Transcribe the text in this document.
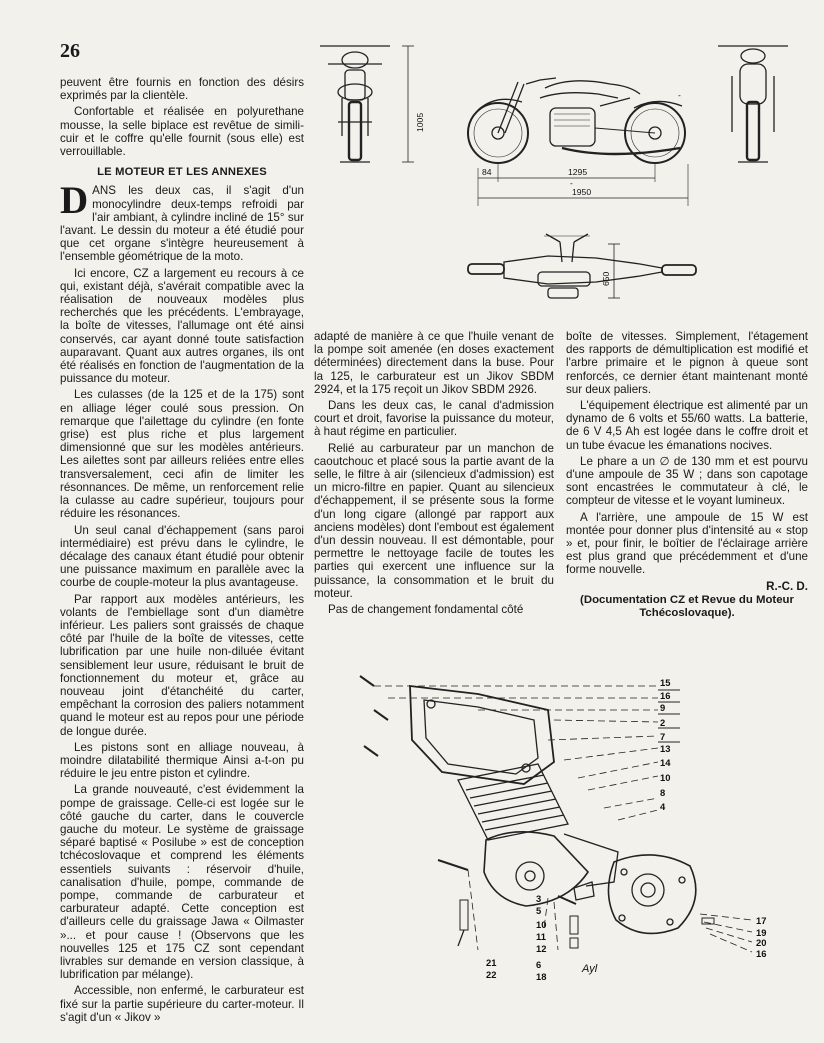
26

peuvent être fournis en fonction des désirs exprimés par la clientèle.

Confortable et réalisée en polyurethane mousse, la selle biplace est revêtue de simili-cuir et le coffre qu'elle fournit (sous elle) est verrouillable.

LE MOTEUR ET LES ANNEXES

DANS les deux cas, il s'agit d'un monocylindre deux-temps refroidi par l'air ambiant, à cylindre incliné de 15° sur l'avant. Le dessin du moteur a été étudié pour que cet organe s'intègre heureusement à l'ensemble géométrique de la moto.

Ici encore, CZ a largement eu recours à ce qui, existant déjà, s'avérait compatible avec la réalisation de nouveaux modèles plus recherchés que les précédents. L'embrayage, la boîte de vitesses, l'allumage ont été ainsi conservés, car ayant donné toute satisfaction auparavant. Quant aux autres organes, ils ont été réalisés en fonction de l'augmentation de la puissance du moteur.

Les culasses (de la 125 et de la 175) sont en alliage léger coulé sous pression. On remarque que l'ailettage du cylindre (en fonte grise) est plus riche et plus largement dimensionné que sur les modèles antérieurs. Les ailettes sont par ailleurs reliées entre elles transversalement, ceci afin de limiter les résonnances. De même, un renforcement relie la culasse au cadre supérieur, toujours pour réduire les résonances.

Un seul canal d'échappement (sans paroi intermédiaire) est prévu dans le cylindre, le décalage des canaux étant étudié pour obtenir une puissance maximum en parallèle avec la courbe de couple-moteur la plus avantageuse.

Par rapport aux modèles antérieurs, les volants de l'embiellage sont d'un diamètre inférieur. Les paliers sont graissés de chaque côté par l'huile de la boîte de vitesses, cette lubrification par une huile non-diluée évitant sensiblement leur usure, réduisant le bruit de fonctionnement du moteur et, grâce au nouveau joint d'étanchéité du carter, empêchant la corrosion des paliers notamment quand le moteur est au repos pour une période de longue durée.

Les pistons sont en alliage nouveau, à moindre dilatabilité thermique Ainsi a-t-on pu réduire le jeu entre piston et cylindre.

La grande nouveauté, c'est évidemment la pompe de graissage. Celle-ci est logée sur le côté gauche du carter, dans le couvercle gauche du moteur. Le système de graissage séparé baptisé « Posilube » est de conception tchécoslovaque et comprend les éléments essentiels suivants : réservoir d'huile, canalisation d'huile, pompe, commande de pompe, commande de carburateur et carburateur adapté. Cette conception est d'ailleurs celle du graissage Jawa « Oilmaster »... et pour cause ! (Observons que les nouvelles 125 et 175 CZ sont cependant livrables sur demande en version classique, à lubrification par mélange).

Accessible, non enfermé, le carburateur est fixé sur la partie supérieure du carter-moteur. Il s'agit d'un « Jikov »

adapté de manière à ce que l'huile venant de la pompe soit amenée (en doses exactement déterminées) directement dans la buse. Pour la 125, le carburateur est un Jikov SBDM 2924, et la 175 reçoit un Jikov SBDM 2926.

Dans les deux cas, le canal d'admission court et droit, favorise la puissance du moteur, à haut régime en particulier.

Relié au carburateur par un manchon de caoutchouc et placé sous la partie avant de la selle, le filtre à air (silencieux d'admission) est un micro-filtre en papier. Quant au silencieux d'échappement, il se présente sous la forme d'un long cigare (allongé par rapport aux anciens modèles) dont l'embout est également d'un dessin nouveau. Il est démontable, pour permettre le nettoyage facile de toutes les parties qui exercent une influence sur la puissance, la consommation et le bruit du moteur.

Pas de changement fondamental côté

boîte de vitesses. Simplement, l'étagement des rapports de démultiplication est modifié et l'arbre primaire et le pignon à queue sont renforcés, ce dernier étant maintenant monté sur deux paliers.

L'équipement électrique est alimenté par un dynamo de 6 volts et 55/60 watts. La batterie, de 6 V 4,5 Ah est logée dans le coffre droit et un tube évacue les émanations nocives.

Le phare a un ∅ de 130 mm et est pourvu d'une ampoule de 35 W ; dans son capotage sont encastrées le commutateur à clé, le compteur de vitesse et le voyant lumineux.

A l'arrière, une ampoule de 15 W est montée pour donner plus d'intensité au « stop » et, pour finir, le boîtier de l'éclairage arrière est plus grand que précédemment et d'une forme nouvelle.

R.-C. D.
(Documentation CZ et Revue du Moteur Tchécoslovaque).
1005
84	1295
1950
650
-
-
15
16
9
2
7
13
14
10
8
4
3
5
10
11
12
6
18
21
22
17
19
20
16
Ayl
